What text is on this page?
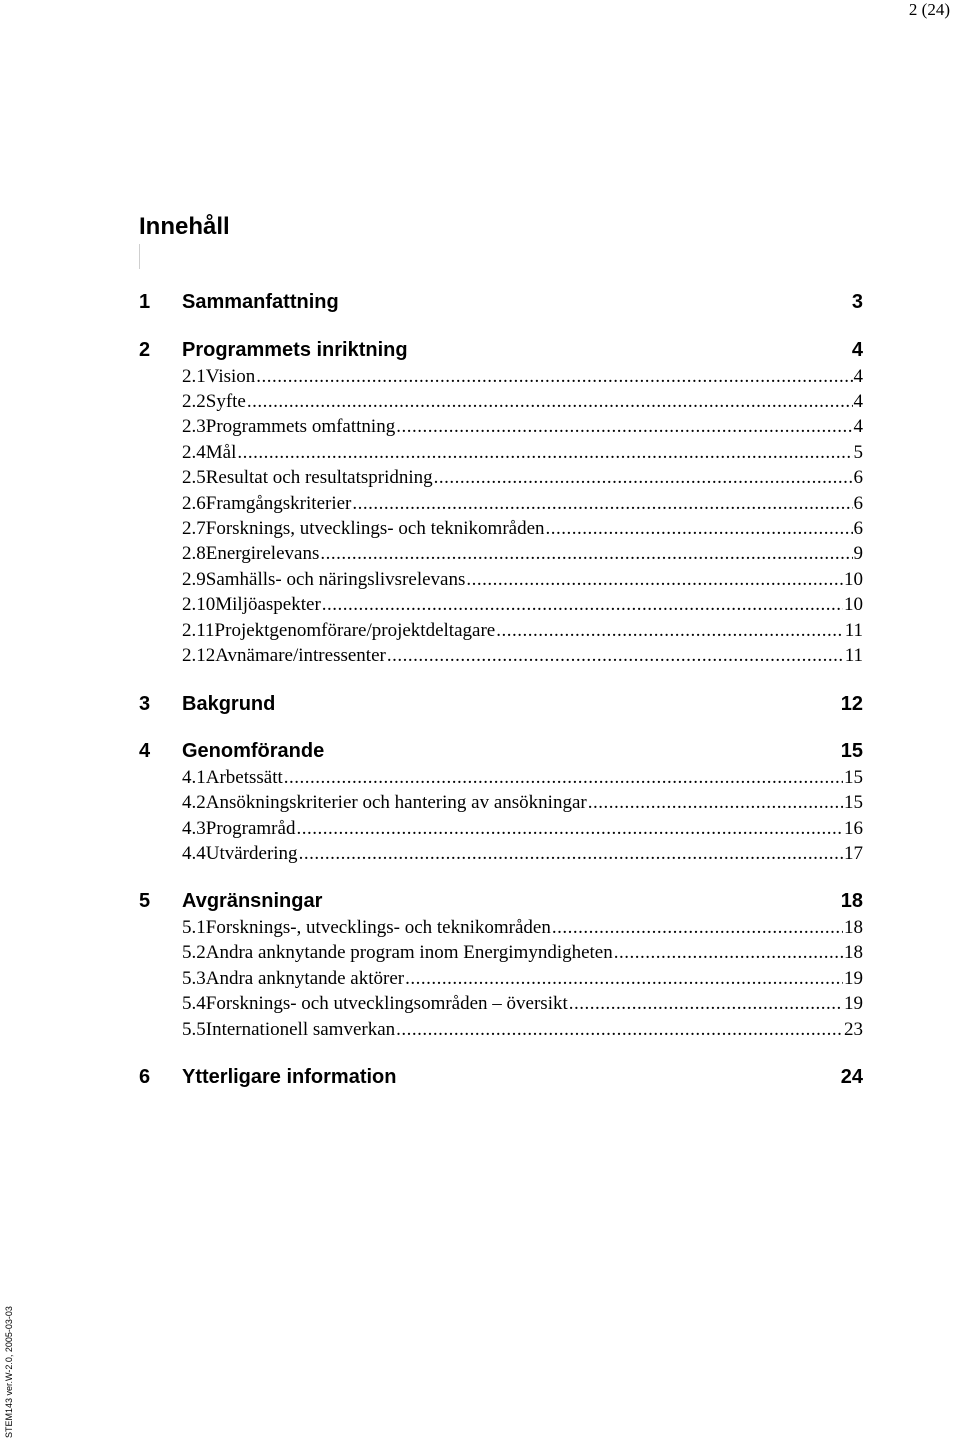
2 (24)
Innehåll
1	Sammanfattning	3
2	Programmets inriktning	4
2.1 Vision .....	4
2.2 Syfte .....	4
2.3 Programmets omfattning .....	4
2.4 Mål .....	5
2.5 Resultat och resultatspridning .....	6
2.6 Framgångskriterier .....	6
2.7 Forsknings, utvecklings- och teknikområden .....	6
2.8 Energirelevans .....	9
2.9 Samhälls- och näringslivsrelevans .....	10
2.10 Miljöaspekter .....	10
2.11 Projektgenomförare/projektdeltagare .....	11
2.12 Avnämare/intressenter .....	11
3	Bakgrund	12
4	Genomförande	15
4.1 Arbetssätt .....	15
4.2 Ansökningskriterier och hantering av ansökningar .....	15
4.3 Programråd .....	16
4.4 Utvärdering .....	17
5	Avgränsningar	18
5.1 Forsknings-, utvecklings- och teknikområden .....	18
5.2 Andra anknytande program inom Energimyndigheten .....	18
5.3 Andra anknytande aktörer .....	19
5.4 Forsknings- och utvecklingsområden – översikt .....	19
5.5 Internationell samverkan .....	23
6	Ytterligare information	24
STEM143 ver.W-2.0, 2005-03-03
